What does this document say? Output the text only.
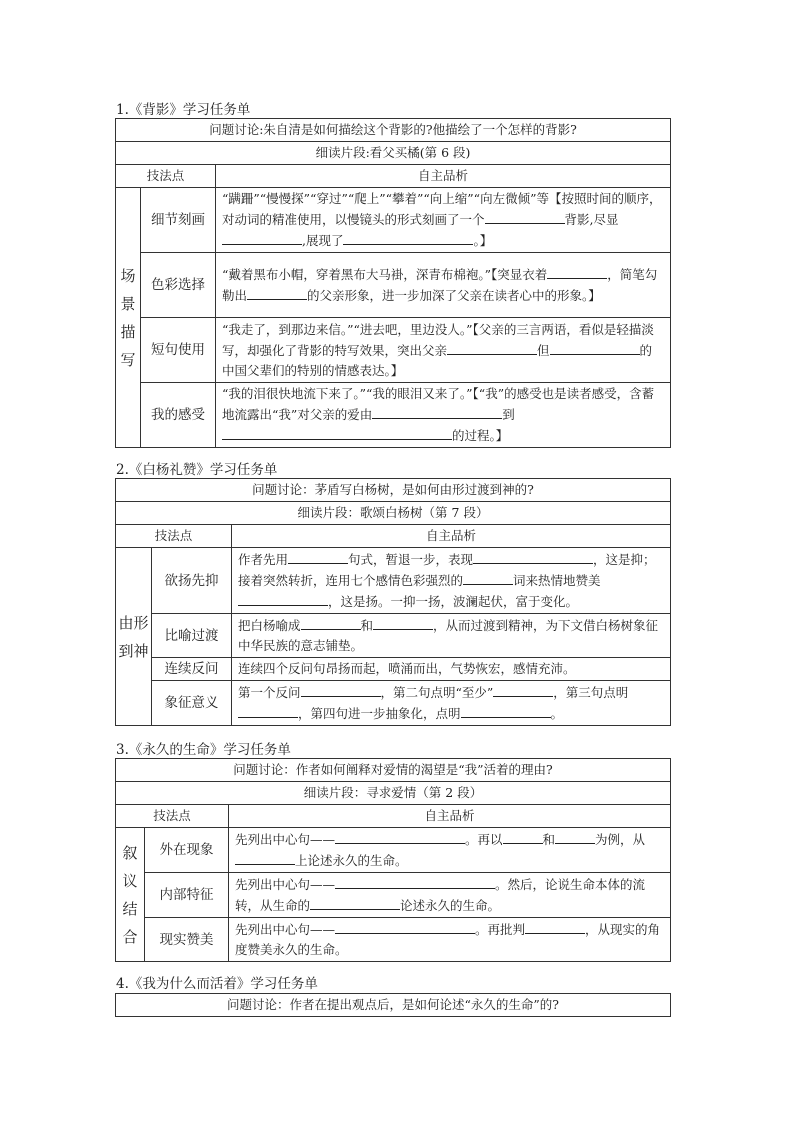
1.《背影》学习任务单
问题讨论:朱自清是如何描绘这个背影的?他描绘了一个怎样的背影?		
细读片段:看父买橘(第 6 段)		
技法点		自主品析
场景描写	细节刻画	“蹒跚”“慢慢探”“穿过”“爬上”“攀着”“向上缩”“向左微倾”等【按照时间的顺序，对动词的精准使用，以慢镜头的形式刻画了一个 背影,尽显,展现了 。】
	色彩选择	“戴着黑布小帽，穿着黑布大马褂，深青布棉袍。”【突显衣着 ，简笔勾勒出 的父亲形象，进一步加深了父亲在读者心中的形象。】
	短句使用	“我走了，到那边来信。”“进去吧，里边没人。”【父亲的三言两语，看似是轻描淡写，却强化了背影的特写效果，突出父亲 但 的中国父辈们的特别的情感表达。】
	我的感受	“我的泪很快地流下来了。”“我的眼泪又来了。”【“我”的感受也是读者感受，含蓄地流露出“我”对父亲的爱由 到的过程。】
2.《白杨礼赞》学习任务单
问题讨论：茅盾写白杨树，是如何由形过渡到神的?		
细读片段：歌颂白杨树（第 7 段）		
技法点		自主品析
由形到神	欲扬先抑	作者先用 句式，暂退一步，表现 ，这是抑；接着突然转折，连用七个感情色彩强烈的 词来热情地赞美，这是扬。一抑一扬，波澜起伏，富于变化。
	比喻过渡	把白杨喻成 和 ，从而过渡到精神，为下文借白杨树象征中华民族的意志铺垫。
	连续反问	连续四个反问句昂扬而起，喷涌而出，气势恢宏，感情充沛。
	象征意义	第一个反问 ，第二句点明“至少” ，第三句点明，第四句进一步抽象化，点明 。
3.《永久的生命》学习任务单
问题讨论：作者如何阐释对爱情的渴望是“我”活着的理由?		
细读片段：寻求爱情（第 2 段）		
技法点		自主品析
叙议结合	外在现象	先列出中心句—— 。再以 和 为例，从上论述永久的生命。
	内部特征	先列出中心句—— 。然后，论说生命本体的流转，从生命的 论述永久的生命。
	现实赞美	先列出中心句—— 。再批判 ，从现实的角度赞美永久的生命。
4.《我为什么而活着》学习任务单
问题讨论：作者在提出观点后，是如何论述“永久的生命”的?
